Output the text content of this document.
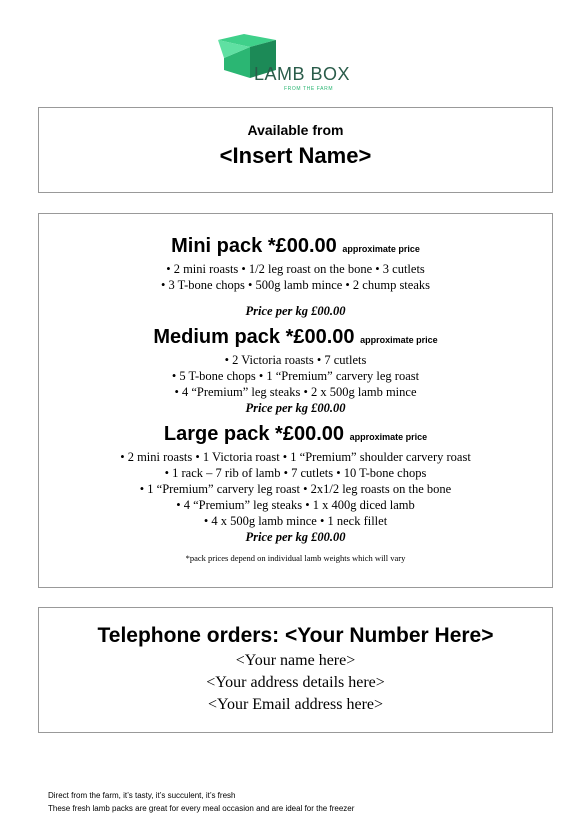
LAMB BOX
FROM THE FARM
Available from
<Insert Name>
Mini pack *£00.00 approximate price
• 2 mini roasts • 1/2 leg roast on the bone • 3 cutlets
• 3 T-bone chops • 500g lamb mince • 2 chump steaks
Price per kg £00.00
Medium pack *£00.00 approximate price
• 2 Victoria roasts • 7 cutlets
• 5 T-bone chops • 1 “Premium” carvery leg roast
• 4 “Premium” leg steaks • 2 x 500g lamb mince
Price per kg £00.00
Large pack *£00.00 approximate price
• 2 mini roasts • 1 Victoria roast • 1 “Premium” shoulder carvery roast
• 1 rack – 7 rib of lamb • 7 cutlets • 10 T-bone chops
• 1 “Premium” carvery leg roast • 2x1/2 leg roasts on the bone
• 4 “Premium” leg steaks • 1 x 400g diced lamb
• 4 x 500g lamb mince • 1 neck fillet
Price per kg £00.00
*pack prices depend on individual lamb weights which will vary
Telephone orders: <Your Number Here>
<Your name here>
<Your address details here>
<Your Email address here>
Direct from the farm, it’s tasty, it’s succulent, it’s fresh
These fresh lamb packs are great for every meal occasion and are ideal for the freezer
